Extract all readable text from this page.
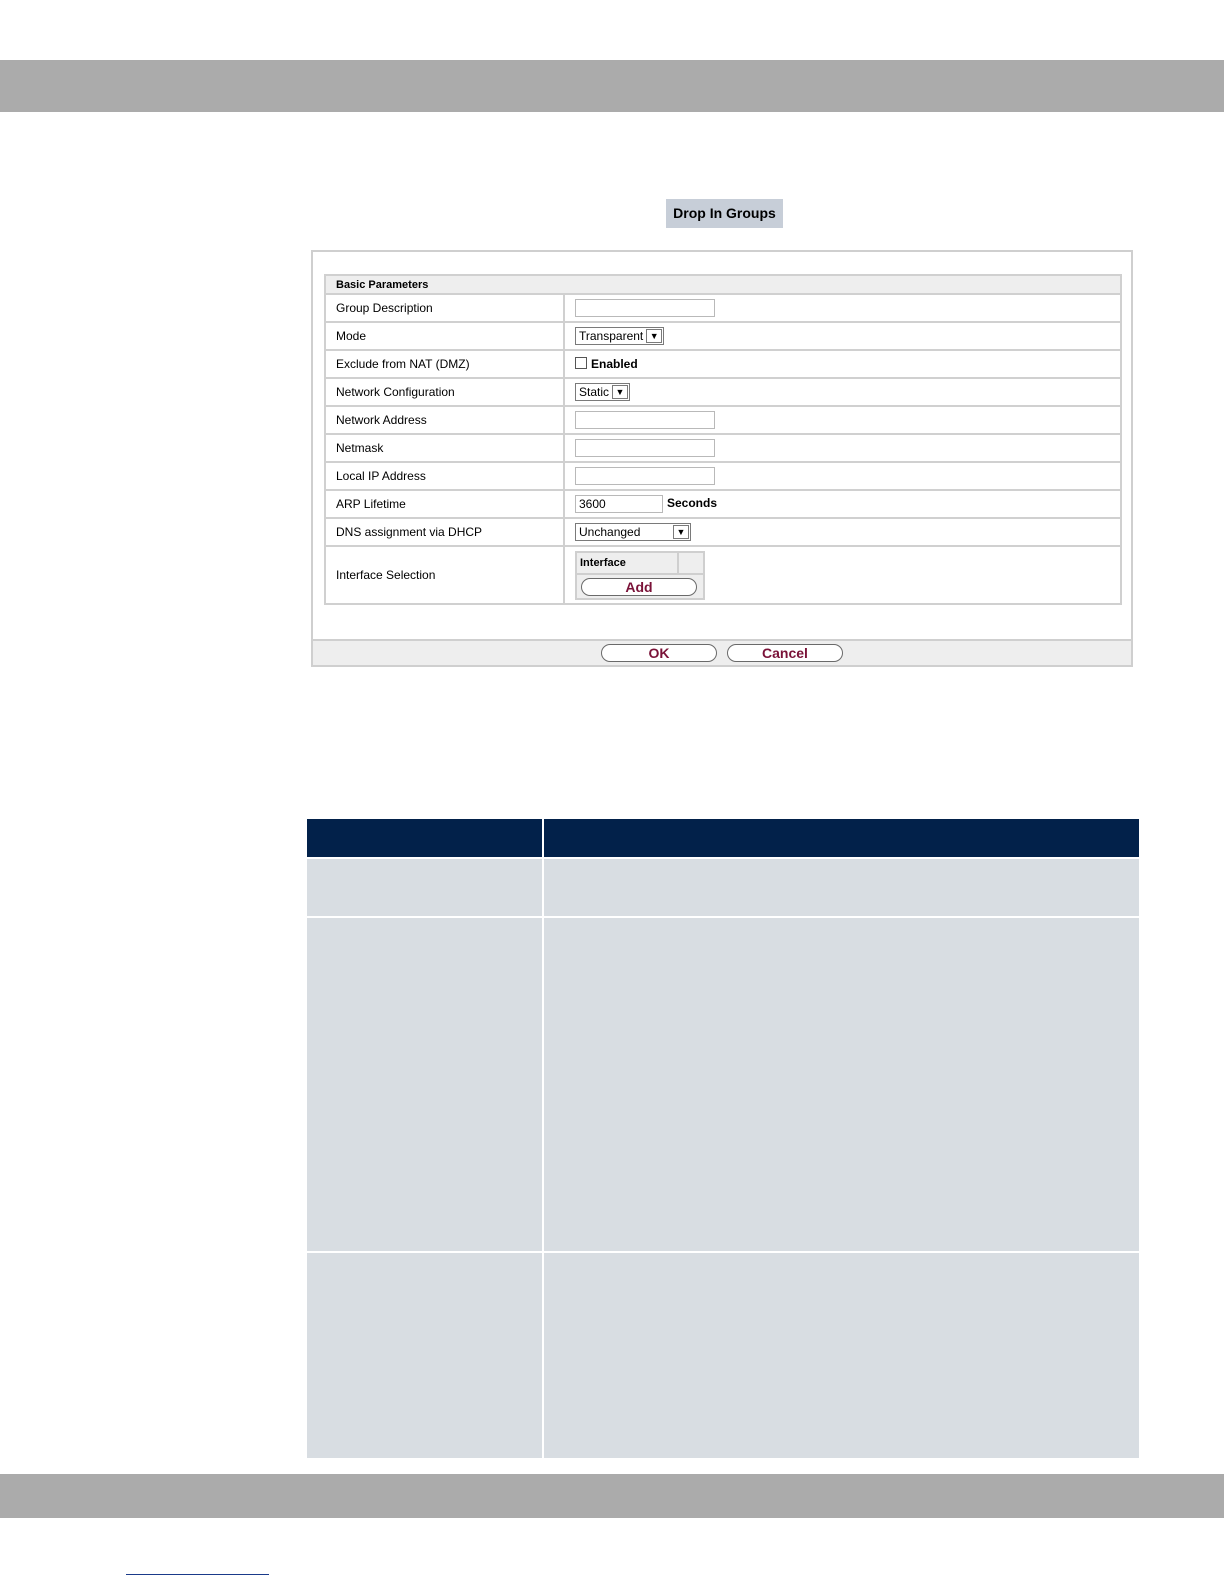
Drop In Groups
Basic Parameters	
Group Description	
Mode	Transparent ▼

Exclude from NAT (DMZ)	Enabled
Network Configuration	Static ▼

Network Address	
Netmask	
Local IP Address	
ARP Lifetime	3600Seconds
DNS assignment via DHCP	Unchanged ▼

Interface Selection	Interface
Add
OK	Cancel
